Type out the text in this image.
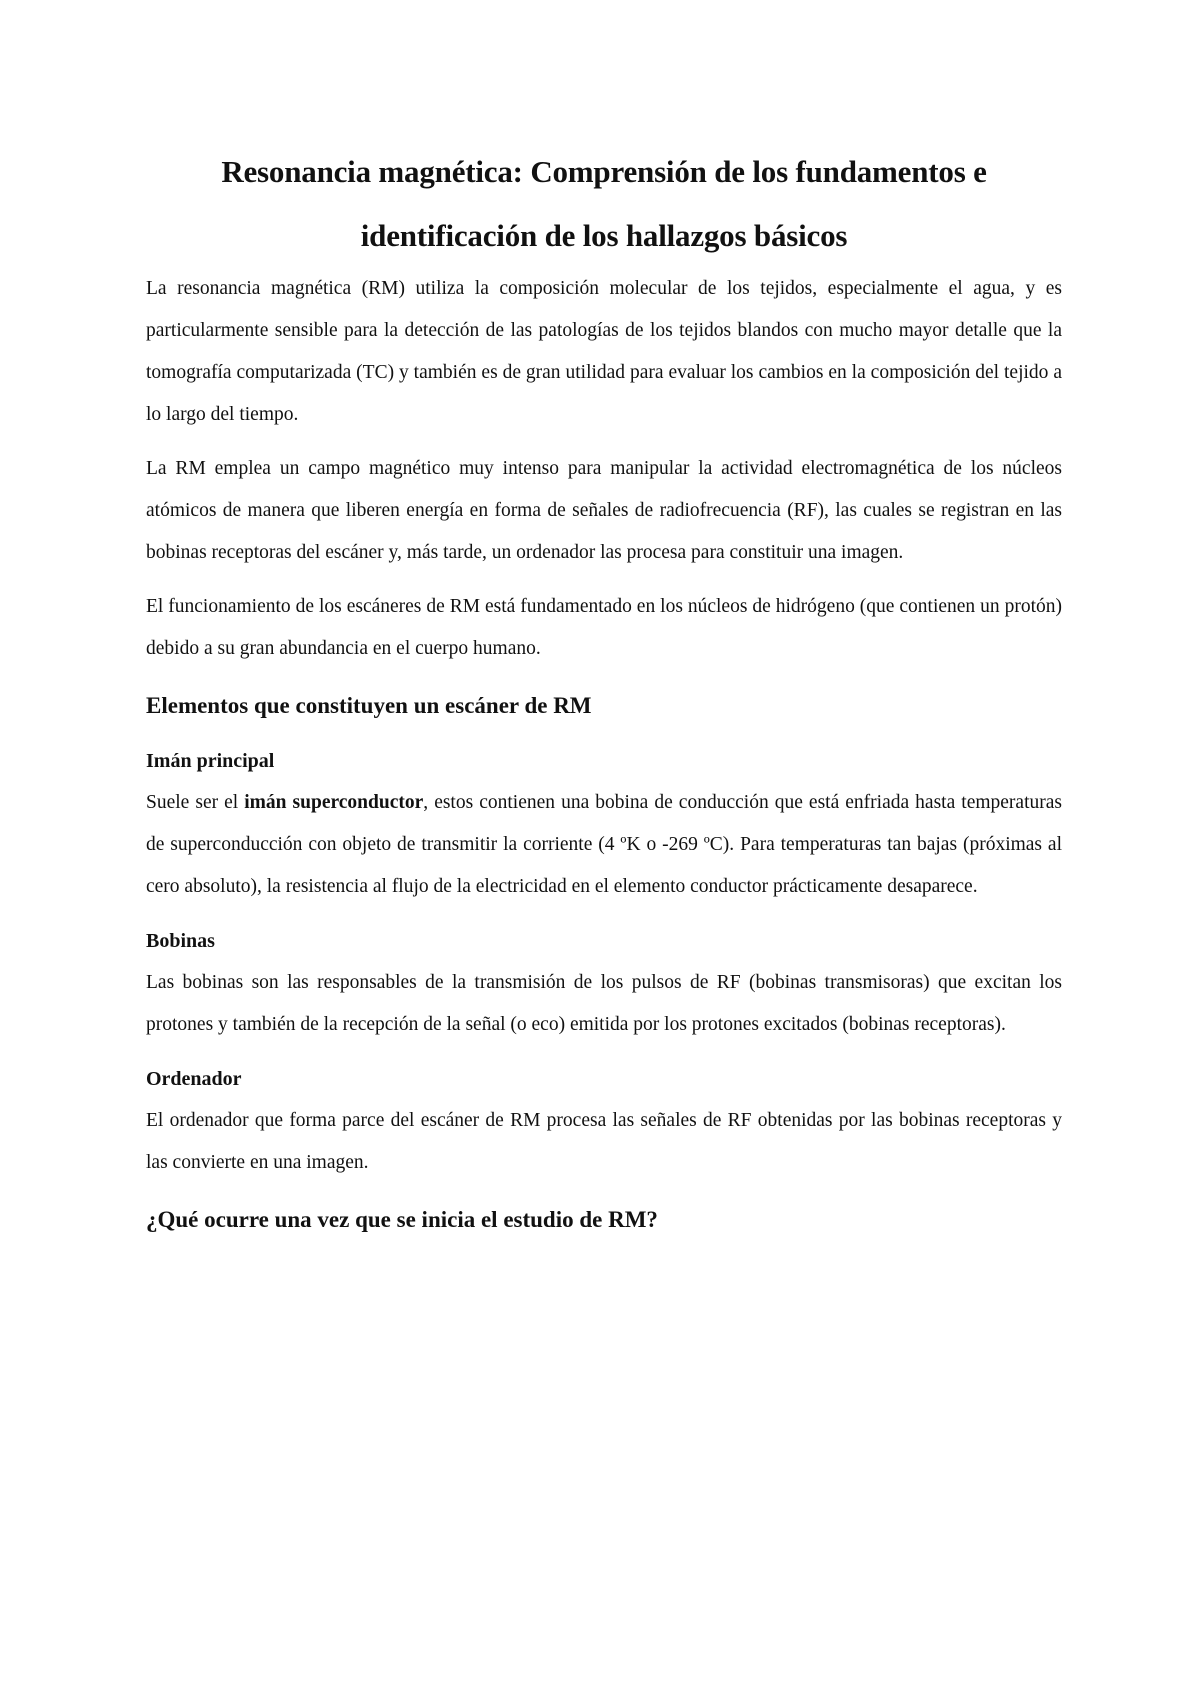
Resonancia magnética: Comprensión de los fundamentos e identificación de los hallazgos básicos

La resonancia magnética (RM) utiliza la composición molecular de los tejidos, especialmente el agua, y es particularmente sensible para la detección de las patologías de los tejidos blandos con mucho mayor detalle que la tomografía computarizada (TC) y también es de gran utilidad para evaluar los cambios en la composición del tejido a lo largo del tiempo.

La RM emplea un campo magnético muy intenso para manipular la actividad electromagnética de los núcleos atómicos de manera que liberen energía en forma de señales de radiofrecuencia (RF), las cuales se registran en las bobinas receptoras del escáner y, más tarde, un ordenador las procesa para constituir una imagen.

El funcionamiento de los escáneres de RM está fundamentado en los núcleos de hidrógeno (que contienen un protón) debido a su gran abundancia en el cuerpo humano.

Elementos que constituyen un escáner de RM
Imán principal

Suele ser el imán superconductor, estos contienen una bobina de conducción que está enfriada hasta temperaturas de superconducción con objeto de transmitir la corriente (4 ºK o -269 ºC). Para temperaturas tan bajas (próximas al cero absoluto), la resistencia al flujo de la electricidad en el elemento conductor prácticamente desaparece.

Bobinas

Las bobinas son las responsables de la transmisión de los pulsos de RF (bobinas transmisoras) que excitan los protones y también de la recepción de la señal (o eco) emitida por los protones excitados (bobinas receptoras).

Ordenador

El ordenador que forma parce del escáner de RM procesa las señales de RF obtenidas por las bobinas receptoras y las convierte en una imagen.

¿Qué ocurre una vez que se inicia el estudio de RM?
